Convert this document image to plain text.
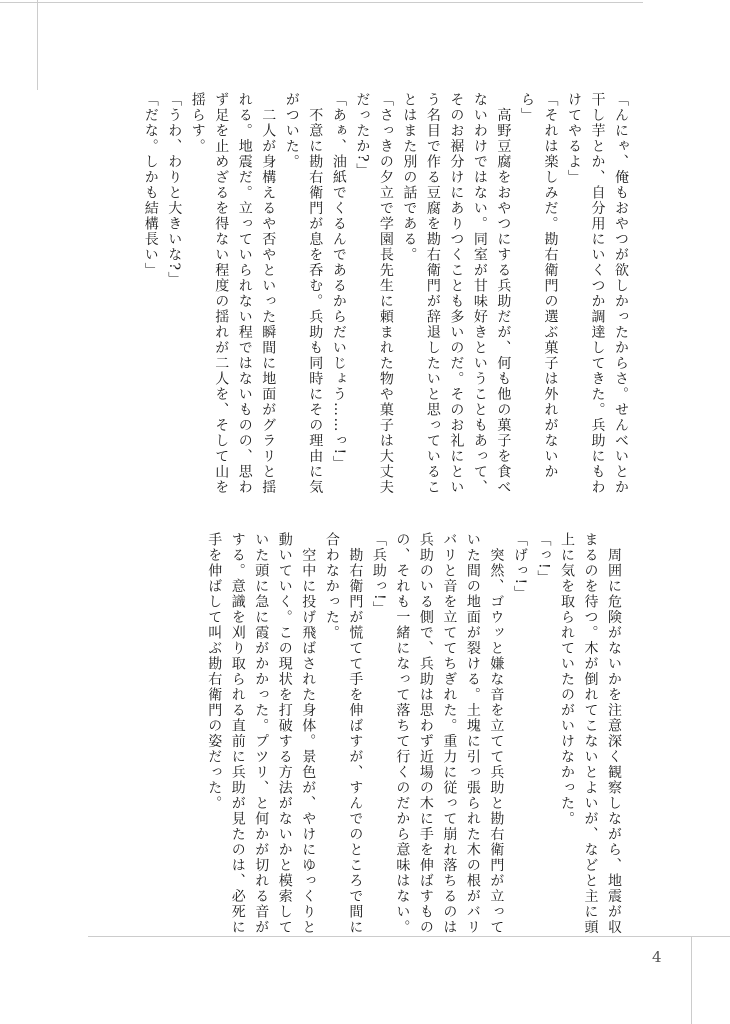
「んにゃ、俺もおやつが欲しかったからさ。せんべいとか干し芋とか、自分用にいくつか調達してきた。兵助にもわけてやるよ」

「それは楽しみだ。勘右衛門の選ぶ菓子は外れがないから」

　高野豆腐をおやつにする兵助だが、何も他の菓子を食べないわけではない。同室が甘味好きということもあって、そのお裾分けにありつくことも多いのだ。そのお礼にという名目で作る豆腐を勘右衛門が辞退したいと思っていることはまた別の話である。

「さっきの夕立で学園長先生に頼まれた物や菓子は大丈夫だったか?」

「あぁ、油紙でくるんであるからだいじょう……っ!」

　不意に勘右衛門が息を呑む。兵助も同時にその理由に気がついた。

　二人が身構えるや否やといった瞬間に地面がグラリと揺れる。地震だ。立っていられない程ではないものの、思わず足を止めざるを得ない程度の揺れが二人を、そして山を揺らす。

「うわ、わりと大きいな?」

「だな。しかも結構長い」

　周囲に危険がないかを注意深く観察しながら、地震が収まるのを待つ。木が倒れてこないとよいが、などと主に頭上に気を取られていたのがいけなかった。

「っ!」

「げっ!」

　突然、ゴウッと嫌な音を立てて兵助と勘右衛門が立っていた間の地面が裂ける。土塊に引っ張られた木の根がバリバリと音を立ててちぎれた。重力に従って崩れ落ちるのは兵助のいる側で、兵助は思わず近場の木に手を伸ばすものの、それも一緒になって落ちて行くのだから意味はない。

「兵助っ!」

　勘右衛門が慌てて手を伸ばすが、すんでのところで間に合わなかった。

　空中に投げ飛ばされた身体。景色が、やけにゆっくりと動いていく。この現状を打破する方法がないかと模索していた頭に急に霞がかかった。プツリ、と何かが切れる音がする。意識を刈り取られる直前に兵助が見たのは、必死に手を伸ばして叫ぶ勘右衛門の姿だった。

4
